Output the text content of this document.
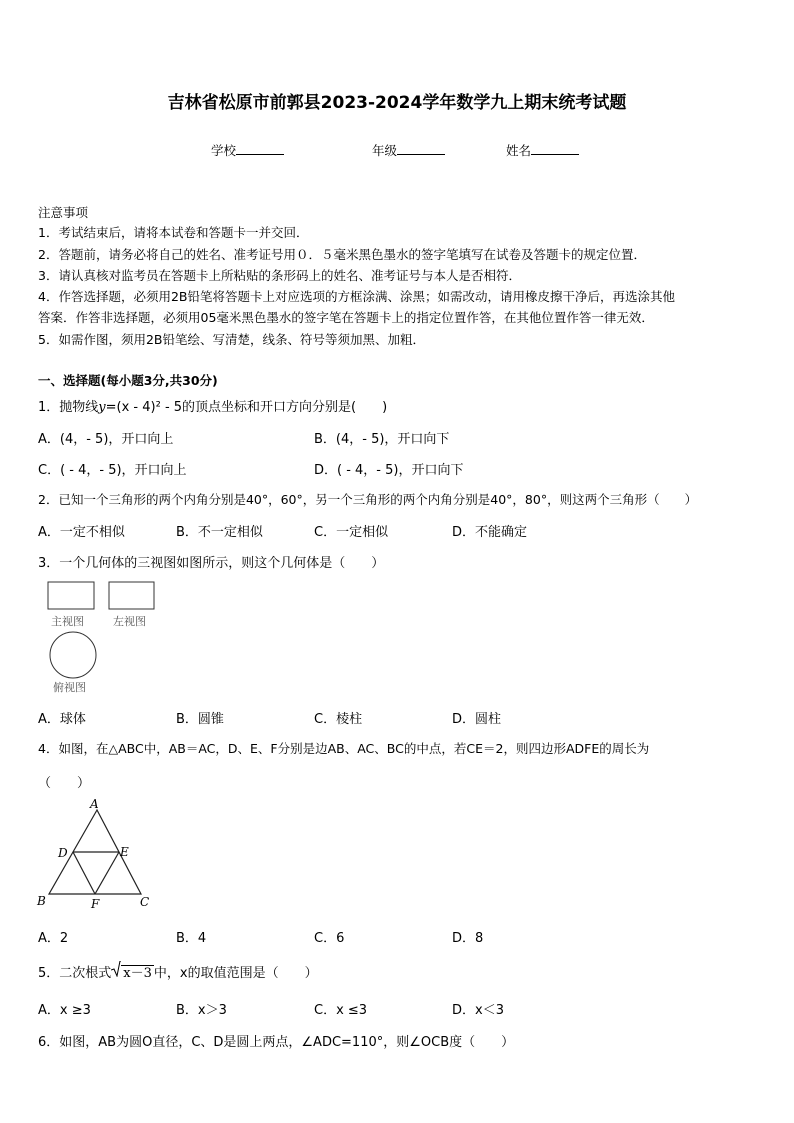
吉林省松原市前郭县2023-2024学年数学九上期末统考试题
学校	年级	姓名
注意事项
1．考试结束后，请将本试卷和答题卡一并交回．
2．答题前，请务必将自己的姓名、准考证号用０．５毫米黑色墨水的签字笔填写在试卷及答题卡的规定位置．
3．请认真核对监考员在答题卡上所粘贴的条形码上的姓名、准考证号与本人是否相符．
4．作答选择题，必须用2B铅笔将答题卡上对应选项的方框涂满、涂黑；如需改动，请用橡皮擦干净后，再选涂其他
答案．作答非选择题，必须用05毫米黑色墨水的签字笔在答题卡上的指定位置作答，在其他位置作答一律无效．
5．如需作图，须用2B铅笔绘、写清楚，线条、符号等须加黑、加粗．
一、选择题(每小题3分,共30分)
1．抛物线y=(x - 4)² - 5的顶点坐标和开口方向分别是(　　)
A．(4，- 5)，开口向上	B．(4，- 5)，开口向下
C．( - 4，- 5)，开口向上	D．( - 4，- 5)，开口向下
2．已知一个三角形的两个内角分别是40°，60°，另一个三角形的两个内角分别是40°，80°，则这两个三角形（　　）
A．一定不相似	B．不一定相似	C．一定相似	D．不能确定
3．一个几何体的三视图如图所示，则这个几何体是（　　）
主视图	左视图
俯视图
A．球体	B．圆锥	C．棱柱	D．圆柱
4．如图，在△ABC中，AB＝AC，D、E、F分别是边AB、AC、BC的中点，若CE＝2，则四边形ADFE的周长为
（　　）
A
D	E
B	F	C
A．2	B．4	C．6	D．8
5．二次根式 x－3 中，x的取值范围是（　　）
A．x ≥3	B．x＞3	C．x ≤3	D．x＜3
6．如图，AB为圆O直径，C、D是圆上两点，∠ADC=110°，则∠OCB度（　　）
